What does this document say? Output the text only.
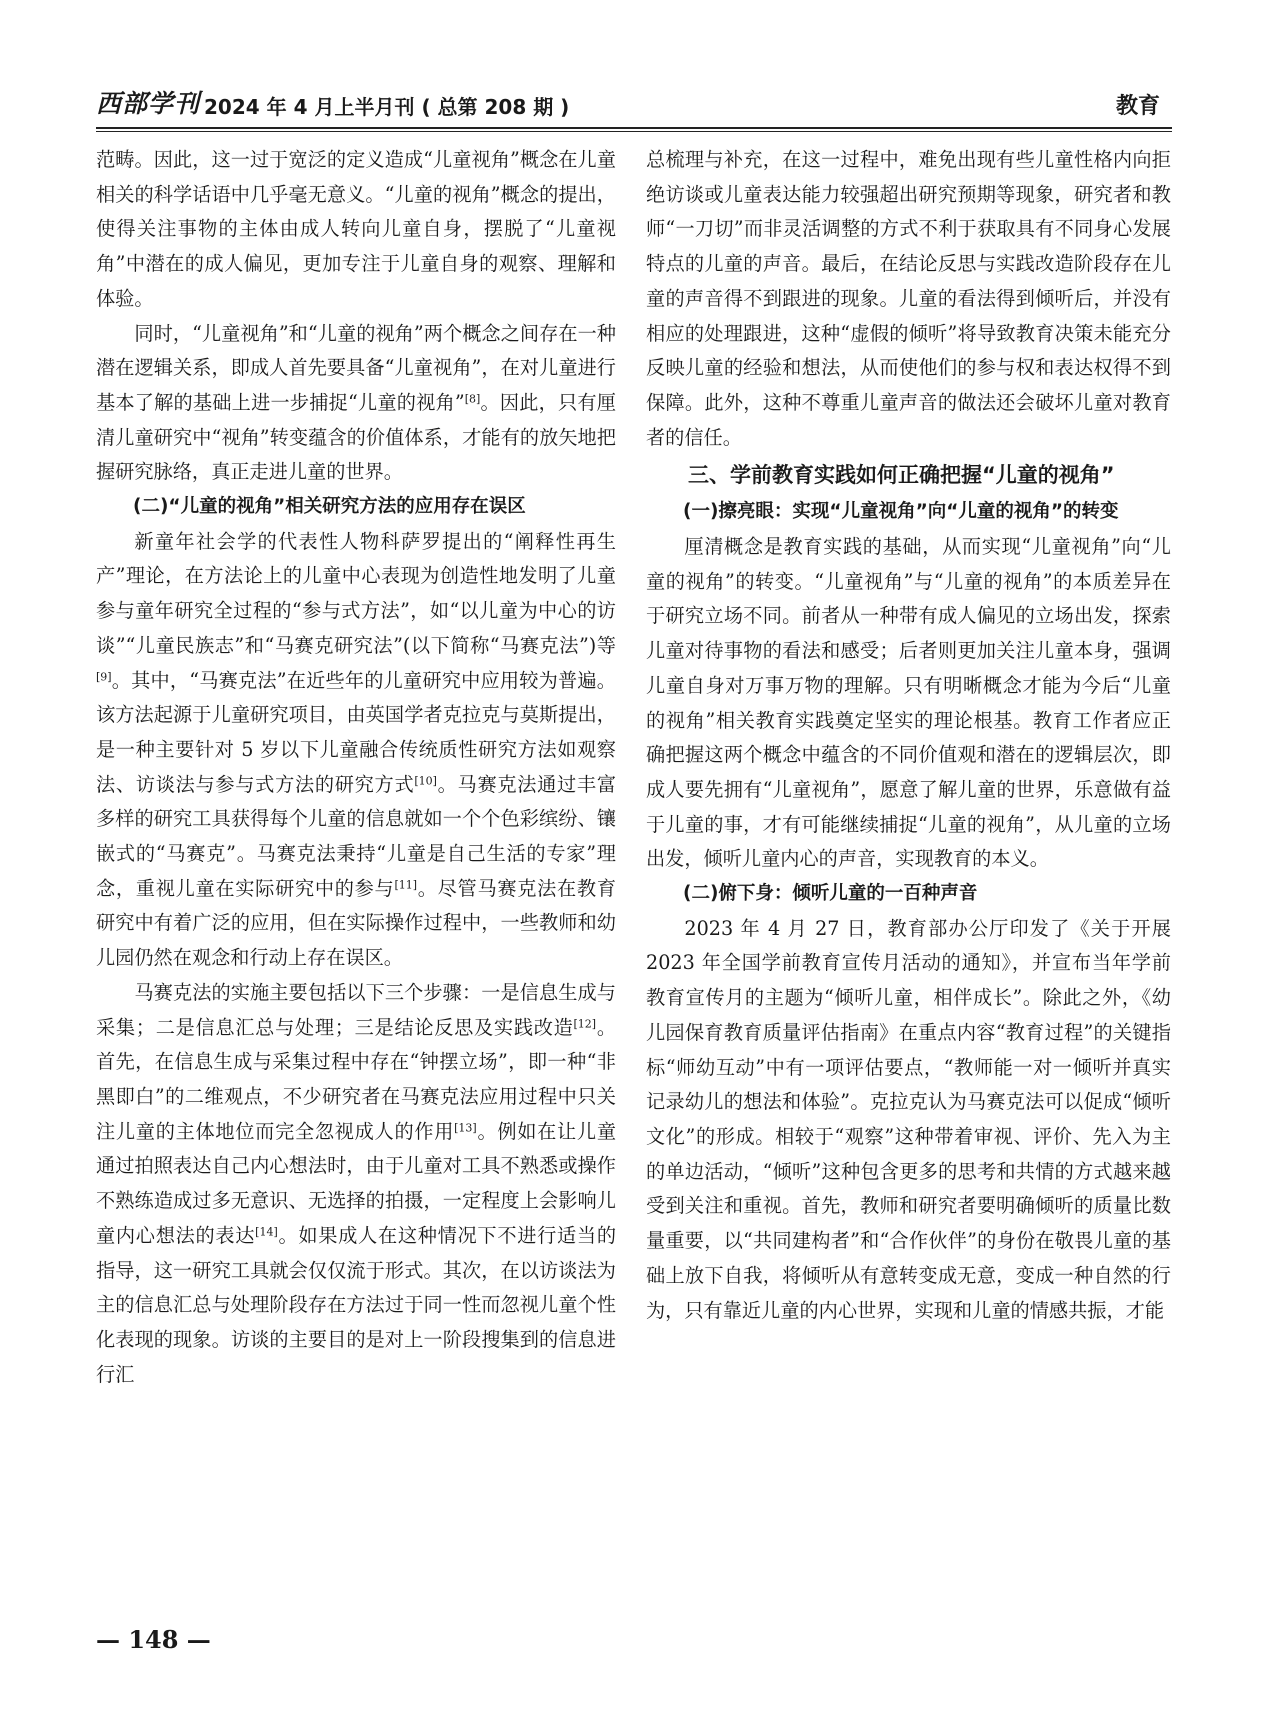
西部学刊 2024 年 4 月上半月刊 ( 总第 208 期 )	教育

范畴。因此，这一过于宽泛的定义造成“儿童视角”概念在儿童相关的科学话语中几乎毫无意义。“儿童的视角”概念的提出，使得关注事物的主体由成人转向儿童自身，摆脱了“儿童视角”中潜在的成人偏见，更加专注于儿童自身的观察、理解和体验。

同时，“儿童视角”和“儿童的视角”两个概念之间存在一种潜在逻辑关系，即成人首先要具备“儿童视角”，在对儿童进行基本了解的基础上进一步捕捉“儿童的视角”[8]。因此，只有厘清儿童研究中“视角”转变蕴含的价值体系，才能有的放矢地把握研究脉络，真正走进儿童的世界。

(二)“儿童的视角”相关研究方法的应用存在误区

新童年社会学的代表性人物科萨罗提出的“阐释性再生产”理论，在方法论上的儿童中心表现为创造性地发明了儿童参与童年研究全过程的“参与式方法”，如“以儿童为中心的访谈”“儿童民族志”和“马赛克研究法”(以下简称“马赛克法”)等[9]。其中，“马赛克法”在近些年的儿童研究中应用较为普遍。该方法起源于儿童研究项目，由英国学者克拉克与莫斯提出，是一种主要针对 5 岁以下儿童融合传统质性研究方法如观察法、访谈法与参与式方法的研究方式[10]。马赛克法通过丰富多样的研究工具获得每个儿童的信息就如一个个色彩缤纷、镶嵌式的“马赛克”。马赛克法秉持“儿童是自己生活的专家”理念，重视儿童在实际研究中的参与[11]。尽管马赛克法在教育研究中有着广泛的应用，但在实际操作过程中，一些教师和幼儿园仍然在观念和行动上存在误区。

马赛克法的实施主要包括以下三个步骤：一是信息生成与采集；二是信息汇总与处理；三是结论反思及实践改造[12]。首先，在信息生成与采集过程中存在“钟摆立场”，即一种“非黑即白”的二维观点，不少研究者在马赛克法应用过程中只关注儿童的主体地位而完全忽视成人的作用[13]。例如在让儿童通过拍照表达自己内心想法时，由于儿童对工具不熟悉或操作不熟练造成过多无意识、无选择的拍摄，一定程度上会影响儿童内心想法的表达[14]。如果成人在这种情况下不进行适当的指导，这一研究工具就会仅仅流于形式。其次，在以访谈法为主的信息汇总与处理阶段存在方法过于同一性而忽视儿童个性化表现的现象。访谈的主要目的是对上一阶段搜集到的信息进行汇

总梳理与补充，在这一过程中，难免出现有些儿童性格内向拒绝访谈或儿童表达能力较强超出研究预期等现象，研究者和教师“一刀切”而非灵活调整的方式不利于获取具有不同身心发展特点的儿童的声音。最后，在结论反思与实践改造阶段存在儿童的声音得不到跟进的现象。儿童的看法得到倾听后，并没有相应的处理跟进，这种“虚假的倾听”将导致教育决策未能充分反映儿童的经验和想法，从而使他们的参与权和表达权得不到保障。此外，这种不尊重儿童声音的做法还会破坏儿童对教育者的信任。

三、学前教育实践如何正确把握“儿童的视角”

(一)擦亮眼：实现“儿童视角”向“儿童的视角”的转变

厘清概念是教育实践的基础，从而实现“儿童视角”向“儿童的视角”的转变。“儿童视角”与“儿童的视角”的本质差异在于研究立场不同。前者从一种带有成人偏见的立场出发，探索儿童对待事物的看法和感受；后者则更加关注儿童本身，强调儿童自身对万事万物的理解。只有明晰概念才能为今后“儿童的视角”相关教育实践奠定坚实的理论根基。教育工作者应正确把握这两个概念中蕴含的不同价值观和潜在的逻辑层次，即成人要先拥有“儿童视角”，愿意了解儿童的世界，乐意做有益于儿童的事，才有可能继续捕捉“儿童的视角”，从儿童的立场出发，倾听儿童内心的声音，实现教育的本义。

(二)俯下身：倾听儿童的一百种声音

2023 年 4 月 27 日，教育部办公厅印发了《关于开展 2023 年全国学前教育宣传月活动的通知》，并宣布当年学前教育宣传月的主题为“倾听儿童，相伴成长”。除此之外，《幼儿园保育教育质量评估指南》在重点内容“教育过程”的关键指标“师幼互动”中有一项评估要点，“教师能一对一倾听并真实记录幼儿的想法和体验”。克拉克认为马赛克法可以促成“倾听文化”的形成。相较于“观察”这种带着审视、评价、先入为主的单边活动，“倾听”这种包含更多的思考和共情的方式越来越受到关注和重视。首先，教师和研究者要明确倾听的质量比数量重要，以“共同建构者”和“合作伙伴”的身份在敬畏儿童的基础上放下自我，将倾听从有意转变成无意，变成一种自然的行为，只有靠近儿童的内心世界，实现和儿童的情感共振，才能

— 148 —
